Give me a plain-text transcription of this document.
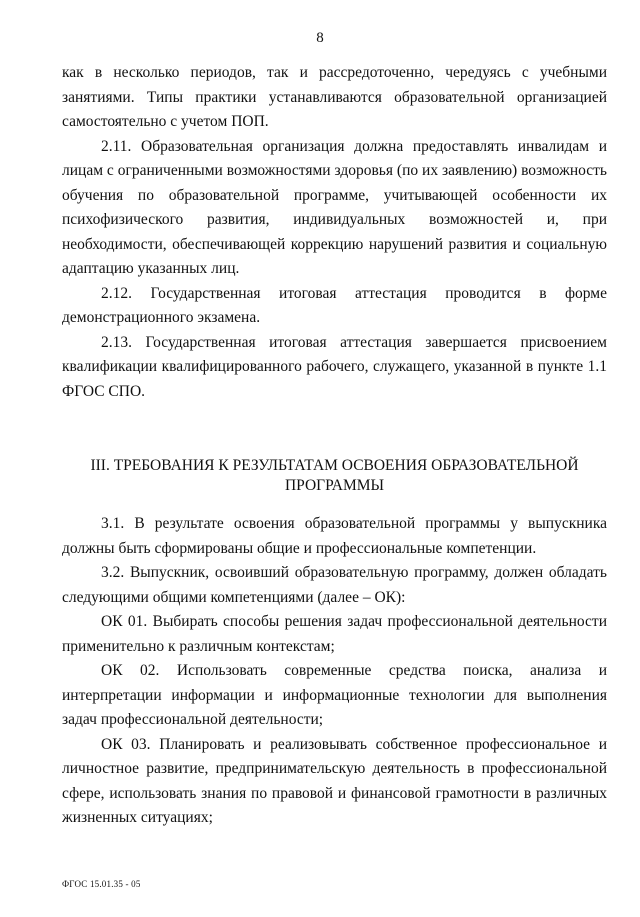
8

как в несколько периодов, так и рассредоточенно, чередуясь с учебными занятиями. Типы практики устанавливаются образовательной организацией самостоятельно с учетом ПОП.

2.11. Образовательная организация должна предоставлять инвалидам и лицам с ограниченными возможностями здоровья (по их заявлению) возможность обучения по образовательной программе, учитывающей особенности их психофизического развития, индивидуальных возможностей и, при необходимости, обеспечивающей коррекцию нарушений развития и социальную адаптацию указанных лиц.

2.12. Государственная итоговая аттестация проводится в форме демонстрационного экзамена.

2.13. Государственная итоговая аттестация завершается присвоением квалификации квалифицированного рабочего, служащего, указанной в пункте 1.1 ФГОС СПО.

III. ТРЕБОВАНИЯ К РЕЗУЛЬТАТАМ ОСВОЕНИЯ ОБРАЗОВАТЕЛЬНОЙ
ПРОГРАММЫ

3.1. В результате освоения образовательной программы у выпускника должны быть сформированы общие и профессиональные компетенции.

3.2. Выпускник, освоивший образовательную программу, должен обладать следующими общими компетенциями (далее – ОК):

ОК 01. Выбирать способы решения задач профессиональной деятельности применительно к различным контекстам;

ОК 02. Использовать современные средства поиска, анализа и интерпретации информации и информационные технологии для выполнения задач профессиональной деятельности;

ОК 03. Планировать и реализовывать собственное профессиональное и личностное развитие, предпринимательскую деятельность в профессиональной сфере, использовать знания по правовой и финансовой грамотности в различных жизненных ситуациях;

ФГОС 15.01.35 - 05
